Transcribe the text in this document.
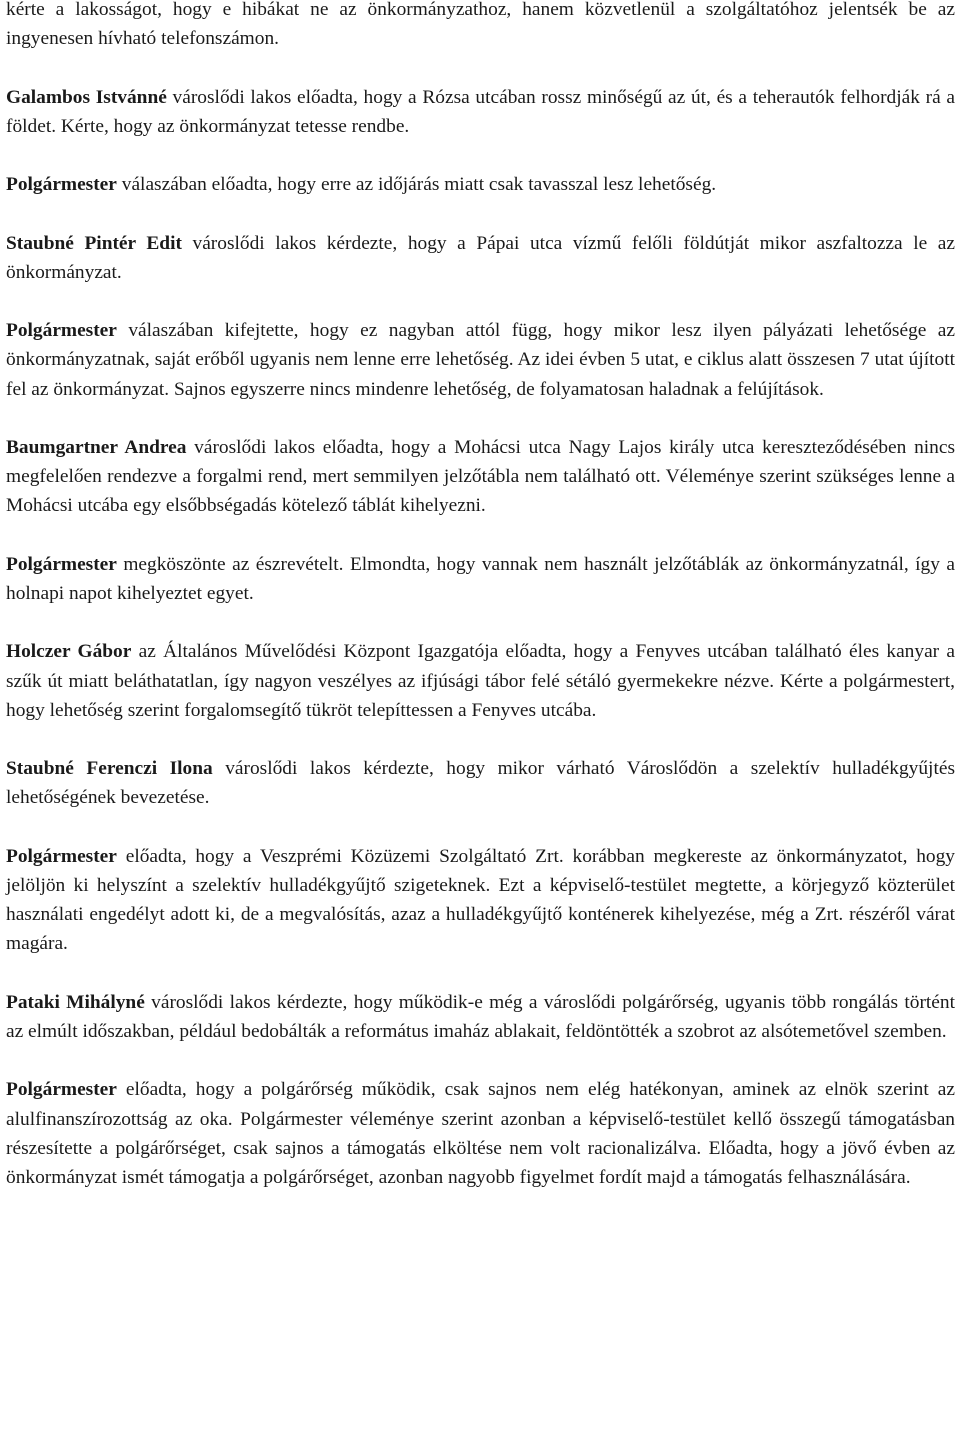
kérte a lakosságot, hogy e hibákat ne az önkormányzathoz, hanem közvetlenül a szolgáltatóhoz jelentsék be az ingyenesen hívható telefonszámon.

Galambos Istvánné városlődi lakos előadta, hogy a Rózsa utcában rossz minőségű az út, és a teherautók felhordják rá a földet. Kérte, hogy az önkormányzat tetesse rendbe.

Polgármester válaszában előadta, hogy erre az időjárás miatt csak tavasszal lesz lehetőség.

Staubné Pintér Edit városlődi lakos kérdezte, hogy a Pápai utca vízmű felőli földútját mikor aszfaltozza le az önkormányzat.

Polgármester válaszában kifejtette, hogy ez nagyban attól függ, hogy mikor lesz ilyen pályázati lehetősége az önkormányzatnak, saját erőből ugyanis nem lenne erre lehetőség. Az idei évben 5 utat, e ciklus alatt összesen 7 utat újított fel az önkormányzat. Sajnos egyszerre nincs mindenre lehetőség, de folyamatosan haladnak a felújítások.

Baumgartner Andrea városlődi lakos előadta, hogy a Mohácsi utca Nagy Lajos király utca kereszteződésében nincs megfelelően rendezve a forgalmi rend, mert semmilyen jelzőtábla nem található ott. Véleménye szerint szükséges lenne a Mohácsi utcába egy elsőbbségadás kötelező táblát kihelyezni.

Polgármester megköszönte az észrevételt. Elmondta, hogy vannak nem használt jelzőtáblák az önkormányzatnál, így a holnapi napot kihelyeztet egyet.

Holczer Gábor az Általános Művelődési Központ Igazgatója előadta, hogy a Fenyves utcában található éles kanyar a szűk út miatt beláthatatlan, így nagyon veszélyes az ifjúsági tábor felé sétáló gyermekekre nézve. Kérte a polgármestert, hogy lehetőség szerint forgalomsegítő tükröt telepíttessen a Fenyves utcába.

Staubné Ferenczi Ilona városlődi lakos kérdezte, hogy mikor várható Városlődön a szelektív hulladékgyűjtés lehetőségének bevezetése.

Polgármester előadta, hogy a Veszprémi Közüzemi Szolgáltató Zrt. korábban megkereste az önkormányzatot, hogy jelöljön ki helyszínt a szelektív hulladékgyűjtő szigeteknek. Ezt a képviselő-testület megtette, a körjegyző közterület használati engedélyt adott ki, de a megvalósítás, azaz a hulladékgyűjtő konténerek kihelyezése, még a Zrt. részéről várat magára.

Pataki Mihályné városlődi lakos kérdezte, hogy működik-e még a városlődi polgárőrség, ugyanis több rongálás történt az elmúlt időszakban, például bedobálták a református imaház ablakait, feldöntötték a szobrot az alsótemetővel szemben.

Polgármester előadta, hogy a polgárőrség működik, csak sajnos nem elég hatékonyan, aminek az elnök szerint az alulfinanszírozottság az oka. Polgármester véleménye szerint azonban a képviselő-testület kellő összegű támogatásban részesítette a polgárőrséget, csak sajnos a támogatás elköltése nem volt racionalizálva. Előadta, hogy a jövő évben az önkormányzat ismét támogatja a polgárőrséget, azonban nagyobb figyelmet fordít majd a támogatás felhasználására.
